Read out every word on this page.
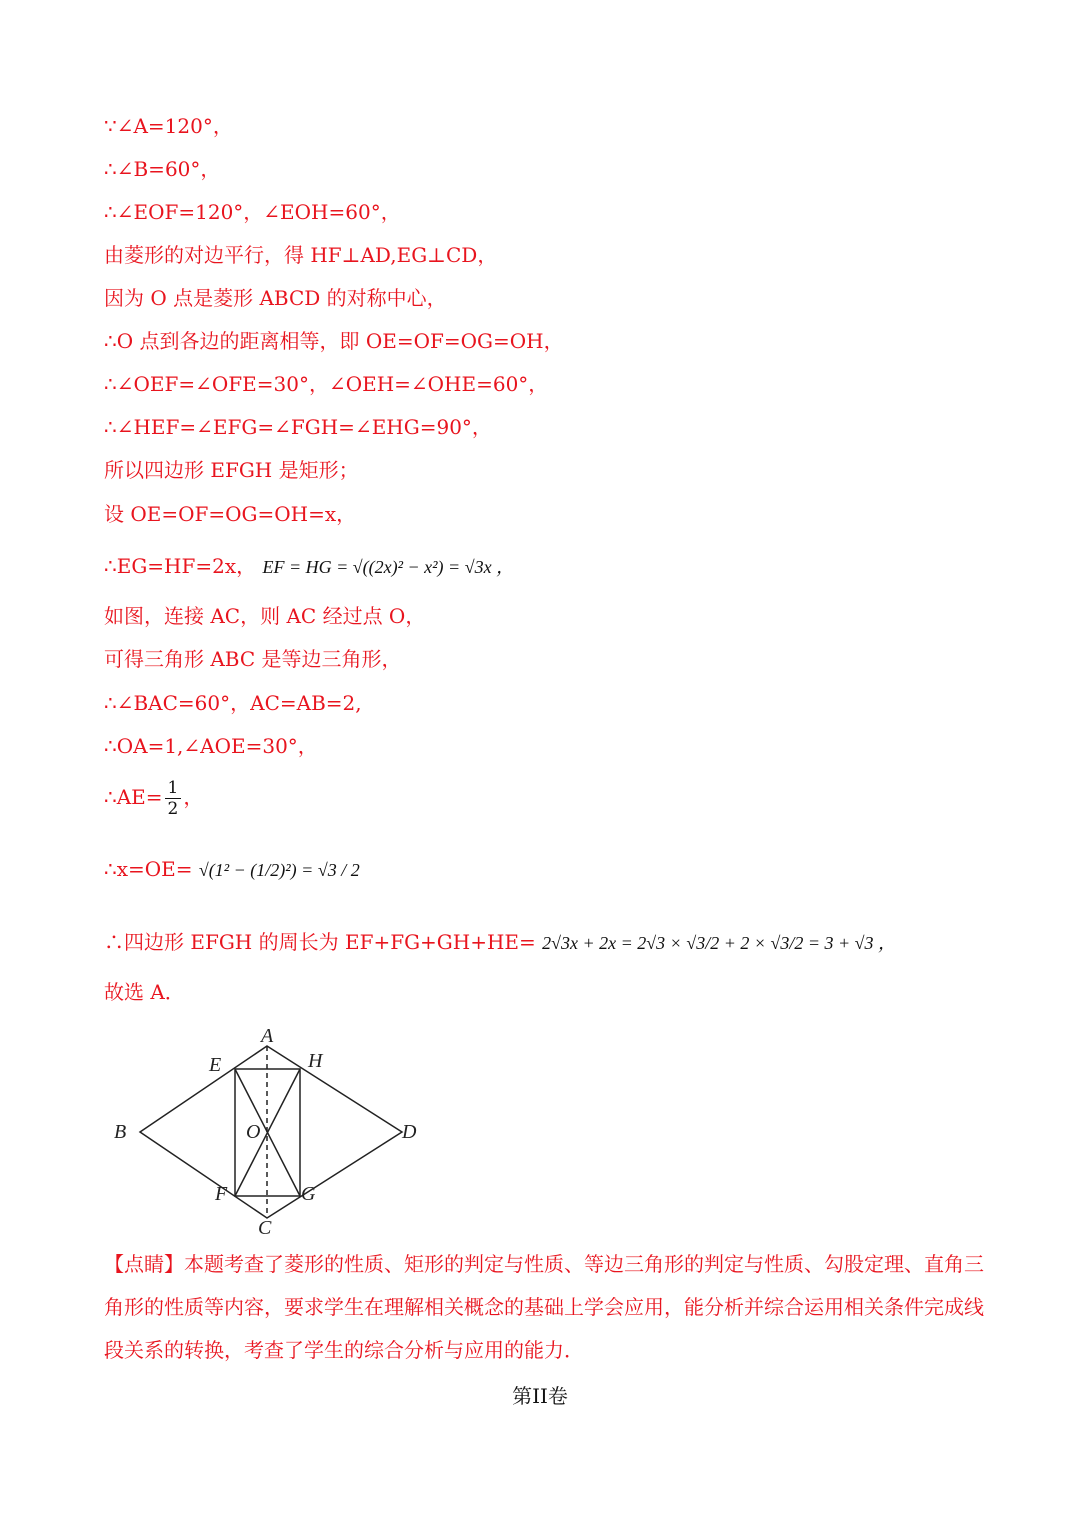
∵∠A=120°，
∴∠B=60°，
∴∠EOF=120°，∠EOH=60°，
由菱形的对边平行，得 HF⊥AD,EG⊥CD，
因为 O 点是菱形 ABCD 的对称中心，
∴O 点到各边的距离相等，即 OE=OF=OG=OH，
∴∠OEF=∠OFE=30°，∠OEH=∠OHE=60°，
∴∠HEF=∠EFG=∠FGH=∠EHG=90°，
所以四边形 EFGH 是矩形；
设 OE=OF=OG=OH=x，
∴EG=HF=2x， EF = HG = √((2x)² − x²) = √3x ，
如图，连接 AC，则 AC 经过点 O，
可得三角形 ABC 是等边三角形，
∴∠BAC=60°，AC=AB=2,
∴OA=1,∠AOE=30°，
∴AE= $\frac{1}{2}$ ，
∴x=OE= √(1² − (1/2)²) = √3 / 2
∴四边形 EFGH 的周长为 EF+FG+GH+HE= 2√3x + 2x = 2√3 × √3/2 + 2 × √3/2 = 3 + √3 ，
故选 A．
A
B
C
D
E
F	G
H
O
【点睛】本题考查了菱形的性质、矩形的判定与性质、等边三角形的判定与性质、勾股定理、直角三角形的性质等内容，要求学生在理解相关概念的基础上学会应用，能分析并综合运用相关条件完成线段关系的转换，考查了学生的综合分析与应用的能力．
第II卷
